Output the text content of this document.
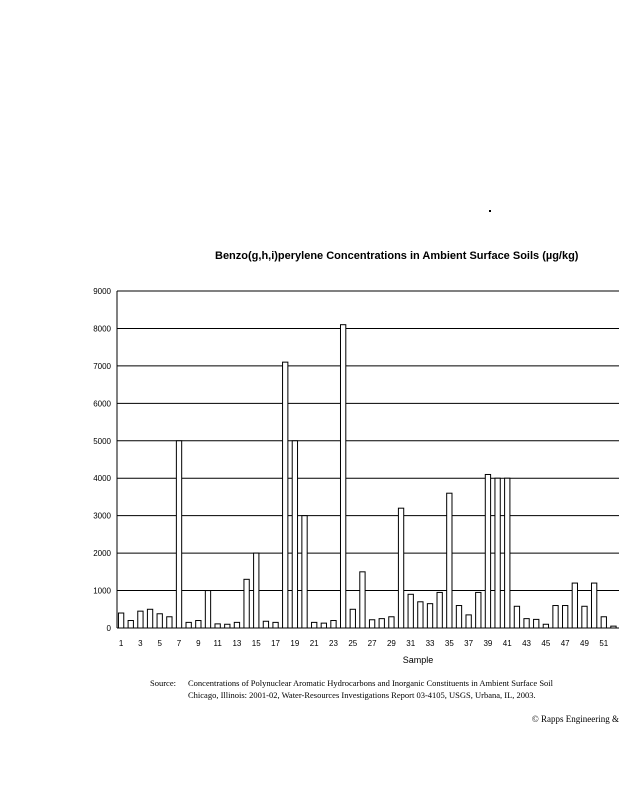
0
1000
2000
3000
4000
5000
6000
7000
8000
9000
1 3 5 7 9 11 13 15 17 19 21 23 25 27 29 31 33 35 37 39 41 43 45 47 49 51
Sample
Benzo(g,h,i)perylene Concentrations in Ambient Surface Soils (µg/kg)
Source: Concentrations of Polynuclear Aromatic Hydrocarbons and Inorganic Constituents in Ambient Surface Soil
Chicago, Illinois: 2001-02, Water-Resources Investigations Report 03-4105, USGS, Urbana, IL, 2003.
© Rapps Engineering &
